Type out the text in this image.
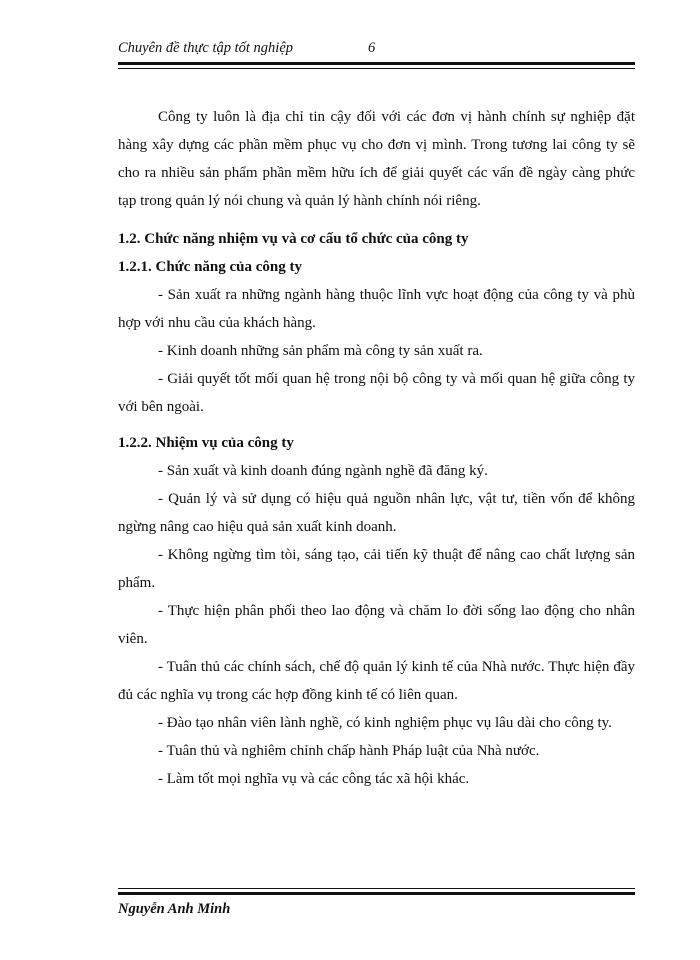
Chuyên đề thực tập tốt nghiệp	6

Công ty luôn là địa chỉ tin cậy đối với các đơn vị hành chính sự nghiệp đặt hàng xây dựng các phần mềm phục vụ cho đơn vị mình. Trong tương lai công ty sẽ cho ra nhiều sản phẩm phần mềm hữu ích để giải quyết các vấn đề ngày càng phức tạp trong quản lý nói chung và quản lý hành chính nói riêng.

1.2. Chức năng nhiệm vụ và cơ cấu tổ chức của công ty

1.2.1. Chức năng của công ty

- Sản xuất ra những ngành hàng thuộc lĩnh vực hoạt động của công ty và phù hợp với nhu cầu của khách hàng.

- Kinh doanh những sản phẩm mà công ty sản xuất ra.

- Giải quyết tốt mối quan hệ trong nội bộ công ty và mối quan hệ giữa công ty với bên ngoài.

1.2.2. Nhiệm vụ của công ty

- Sản xuất và kinh doanh đúng ngành nghề đã đăng ký.

- Quản lý và sử dụng có hiệu quả nguồn nhân lực, vật tư, tiền vốn để không ngừng nâng cao hiệu quả sản xuất kinh doanh.

- Không ngừng tìm tòi, sáng tạo, cải tiến kỹ thuật để nâng cao chất lượng sản phẩm.

- Thực hiện phân phối theo lao động và chăm lo đời sống lao động cho nhân viên.

- Tuân thủ các chính sách, chế độ quản lý kinh tế của Nhà nước. Thực hiện đầy đủ các nghĩa vụ trong các hợp đồng kinh tế có liên quan.

- Đào tạo nhân viên lành nghề, có kinh nghiệm phục vụ lâu dài cho công ty.

- Tuân thủ và nghiêm chỉnh chấp hành Pháp luật của Nhà nước.

- Làm tốt mọi nghĩa vụ và các công tác xã hội khác.

Nguyễn Anh Minh
